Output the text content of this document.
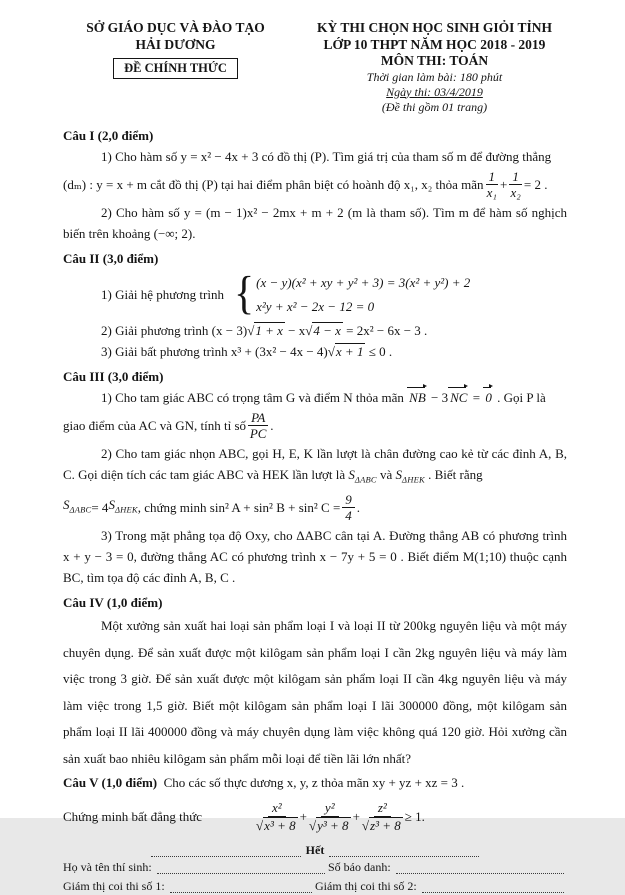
SỞ GIÁO DỤC VÀ ĐÀO TẠO
HẢI DƯƠNG
ĐỀ CHÍNH THỨC
KỲ THI CHỌN HỌC SINH GIỎI TỈNH
LỚP 10 THPT NĂM HỌC 2018 - 2019
MÔN THI: TOÁN
Thời gian làm bài: 180 phút
Ngày thi: 03/4/2019
(Đề thi gồm 01 trang)
Câu I (2,0 điểm)
1) Cho hàm số y = x² − 4x + 3 có đồ thị (P). Tìm giá trị của tham số m để đường thẳng
(dₘ) : y = x + m cắt đồ thị (P) tại hai điểm phân biệt có hoành độ x₁, x₂ thỏa mãn $\frac{1}{\text{x₁}} + \frac{1}{\text{x₂}} = 2$ .
2) Cho hàm số y = (m − 1)x² − 2mx + m + 2 (m là tham số). Tìm m để hàm số nghịch biến trên khoảng (−∞; 2).
Câu II (3,0 điểm)
1) Giải hệ phương trình { (x − y)(x² + xy + y² + 3) = 3(x² + y²) + 2
x²y + x² − 2x − 12 = 0
2) Giải phương trình (x − 3)√1 + x − x√4 − x = 2x² − 6x − 3 .
3) Giải bất phương trình x³ + (3x² − 4x − 4)√x + 1 ≤ 0 .
Câu III (3,0 điểm)
1) Cho tam giác ABC có trọng tâm G và điểm N thỏa mãn NB − 3 NC = 0 . Gọi P là
giao điểm của AC và GN, tính tỉ số $\frac{PA}{PC}$ .
2) Cho tam giác nhọn ABC, gọi H, E, K lần lượt là chân đường cao kẻ từ các đỉnh A, B, C. Gọi diện tích các tam giác ABC và HEK lần lượt là $S_{\Delta ABC}$ và $S_{\Delta HEK}$ . Biết rằng
$S_{\Delta ABC} = 4$ $S_{\Delta HEK}$ , chứng minh sin² A + sin² B + sin² $C = \frac{9}{4}$ .
3) Trong mặt phẳng tọa độ Oxy, cho ΔABC cân tại A. Đường thẳng AB có phương trình x + y − 3 = 0, đường thẳng AC có phương trình x − 7y + 5 = 0 . Biết điểm M(1;10) thuộc cạnh BC, tìm tọa độ các đỉnh A, B, C .
Câu IV (1,0 điểm)
Một xưởng sản xuất hai loại sản phẩm loại I và loại II từ 200kg nguyên liệu và một máy chuyên dụng. Để sản xuất được một kilôgam sản phẩm loại I cần 2kg nguyên liệu và máy làm việc trong 3 giờ. Để sản xuất được một kilôgam sản phẩm loại II cần 4kg nguyên liệu và máy làm việc trong 1,5 giờ. Biết một kilôgam sản phẩm loại I lãi 300000 đồng, một kilôgam sản phẩm loại II lãi 400000 đồng và máy chuyên dụng làm việc không quá 120 giờ. Hỏi xưởng cần sản xuất bao nhiêu kilôgam sản phẩm mỗi loại để tiền lãi lớn nhất?
Câu V (1,0 điểm) Cho các số thực dương x, y, z thỏa mãn xy + yz + xz = 3 .
Chứng minh bất đẳng thức	$\frac{\text{x²}}{\text{√x³ + 8}} + \frac{\text{y²}}{\text{√y³ + 8}} + \frac{\text{z²}}{\text{√z³ + 8}} \ge 1$.
Hết
Họ và tên thí sinh:	Số báo danh:
Giám thị coi thi số 1:	Giám thị coi thi số 2:
